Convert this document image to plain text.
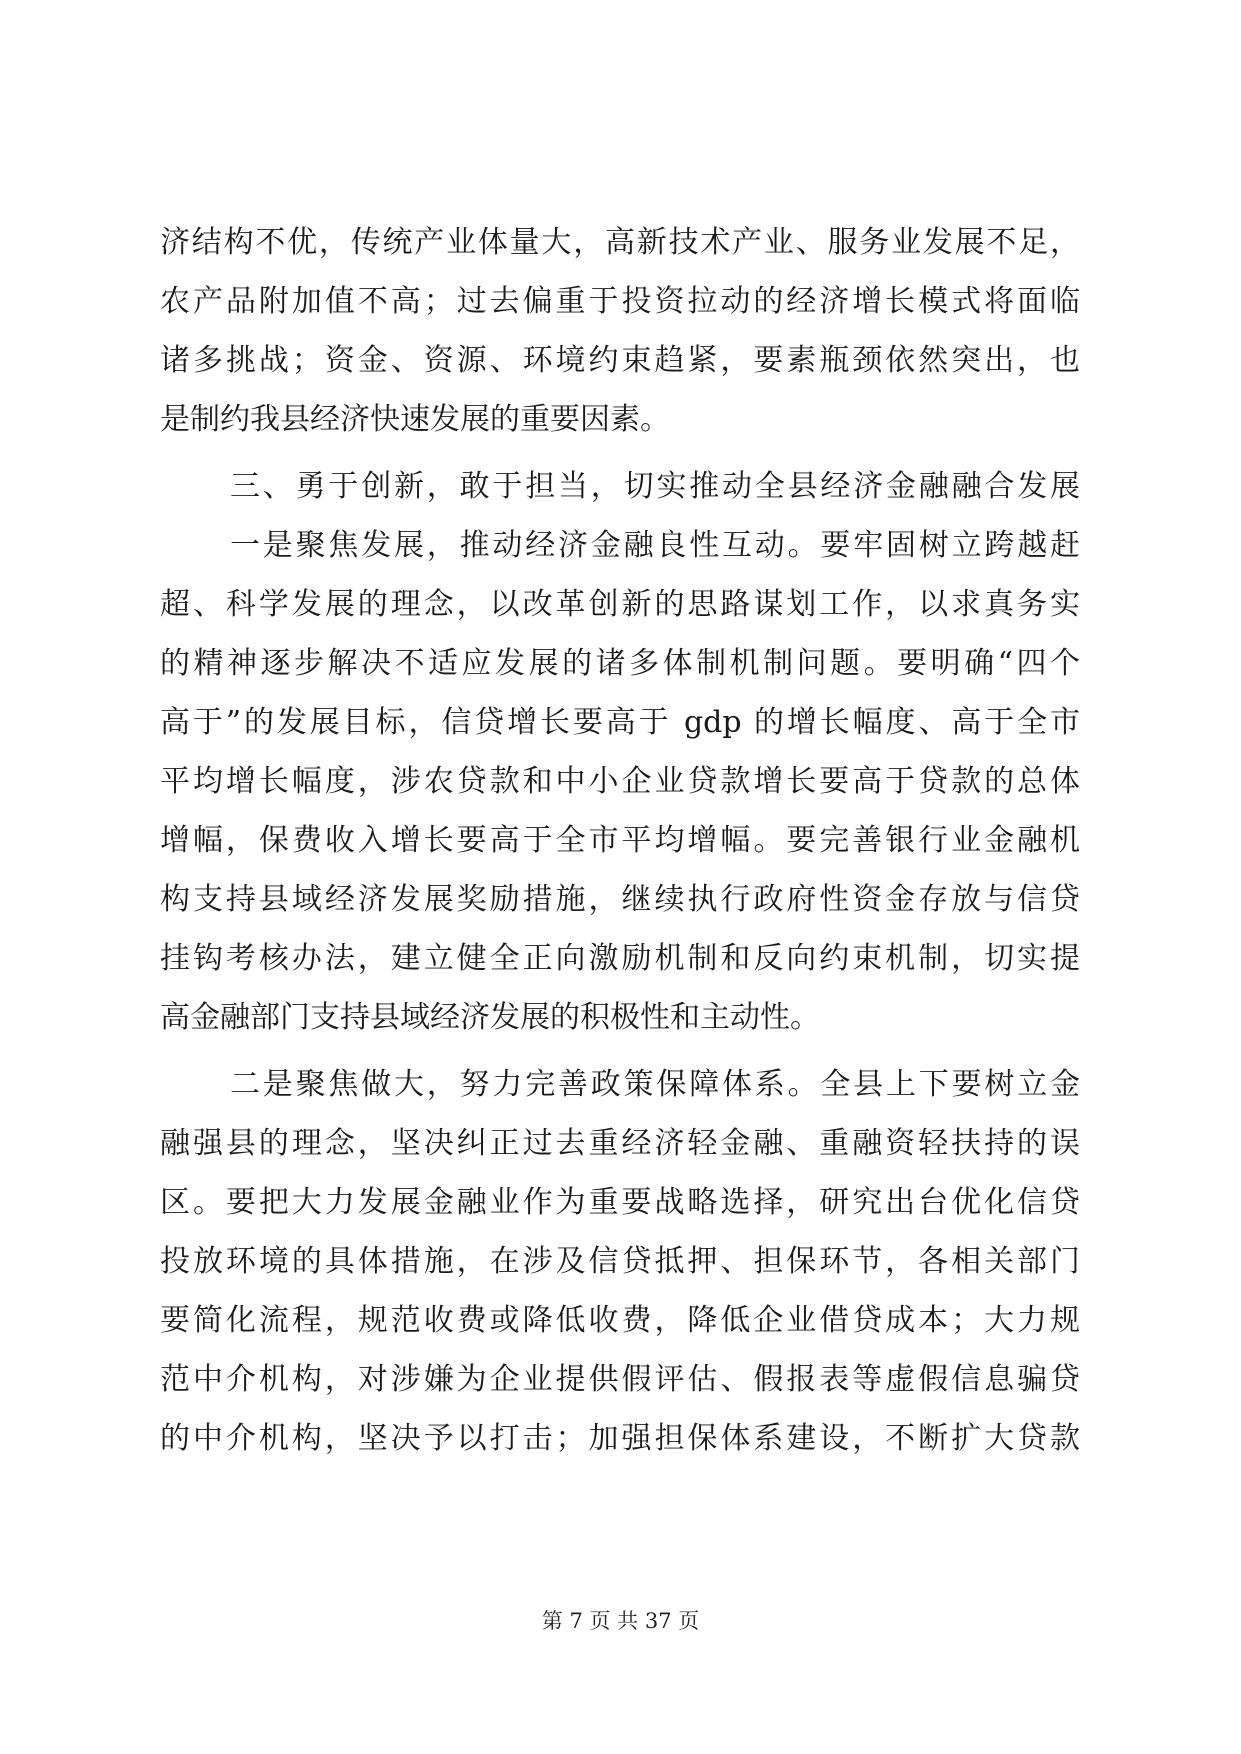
济结构不优，传统产业体量大，高新技术产业、服务业发展不足，
农产品附加值不高；过去偏重于投资拉动的经济增长模式将面临
诸多挑战；资金、资源、环境约束趋紧，要素瓶颈依然突出，也
是制约我县经济快速发展的重要因素。
三、勇于创新，敢于担当，切实推动全县经济金融融合发展
一是聚焦发展，推动经济金融良性互动。要牢固树立跨越赶
超、科学发展的理念，以改革创新的思路谋划工作，以求真务实
的精神逐步解决不适应发展的诸多体制机制问题。要明确“四个
高于”的发展目标，信贷增长要高于 gdp 的增长幅度、高于全市
平均增长幅度，涉农贷款和中小企业贷款增长要高于贷款的总体
增幅，保费收入增长要高于全市平均增幅。要完善银行业金融机
构支持县域经济发展奖励措施，继续执行政府性资金存放与信贷
挂钩考核办法，建立健全正向激励机制和反向约束机制，切实提
高金融部门支持县域经济发展的积极性和主动性。
二是聚焦做大，努力完善政策保障体系。全县上下要树立金
融强县的理念，坚决纠正过去重经济轻金融、重融资轻扶持的误
区。要把大力发展金融业作为重要战略选择，研究出台优化信贷
投放环境的具体措施，在涉及信贷抵押、担保环节，各相关部门
要简化流程，规范收费或降低收费，降低企业借贷成本；大力规
范中介机构，对涉嫌为企业提供假评估、假报表等虚假信息骗贷
的中介机构，坚决予以打击；加强担保体系建设，不断扩大贷款
第 7 页 共 37 页
